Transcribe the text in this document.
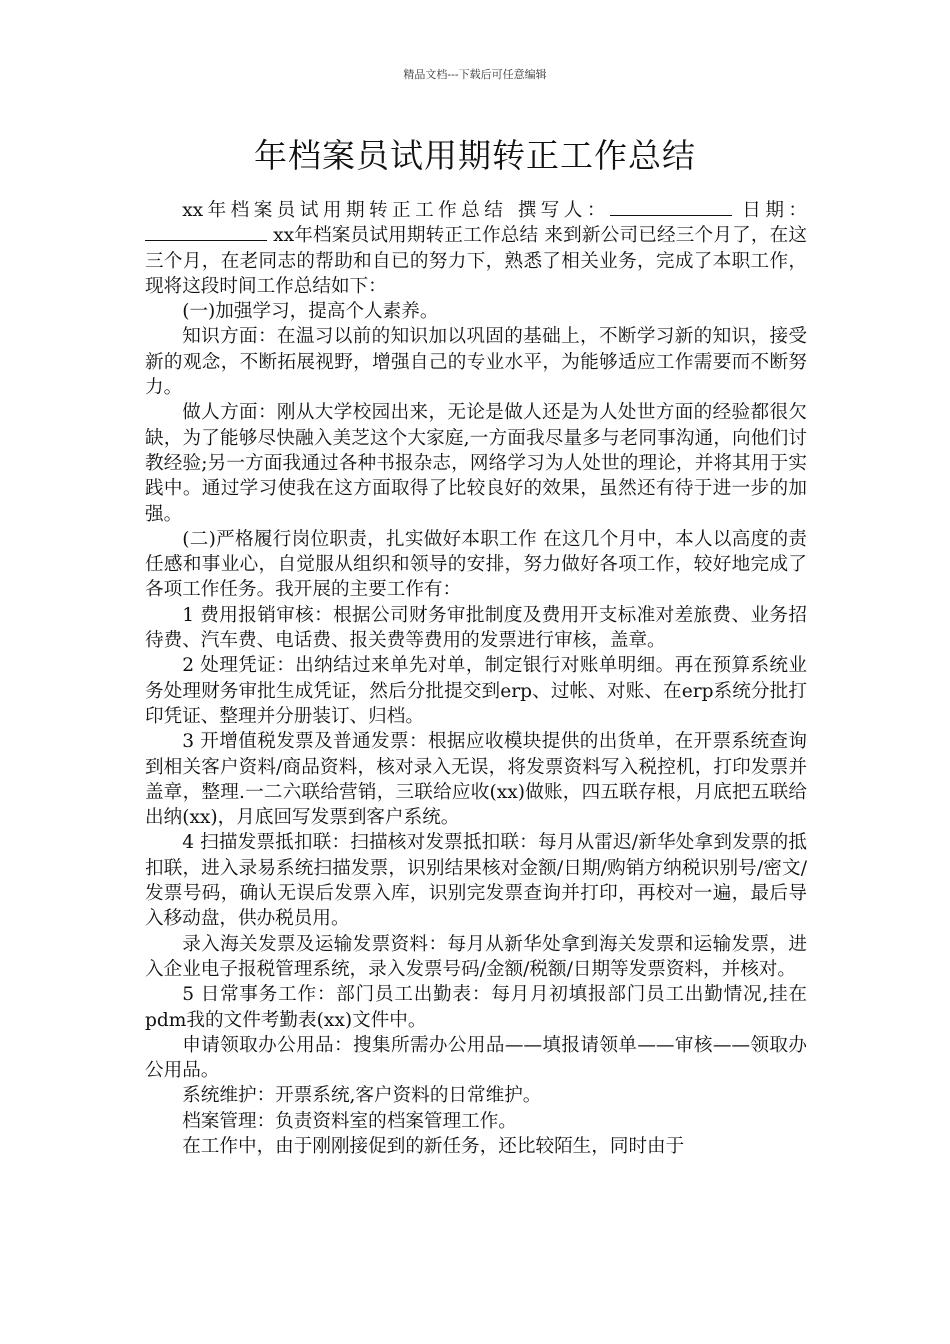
精品文档---下载后可任意编辑
年档案员试用期转正工作总结

xx年档案员试用期转正工作总结 撰写人：	日期： xx年档案员试用期转正工作总结 来到新公司已经三个月了，在这三个月，在老同志的帮助和自已的努力下，熟悉了相关业务，完成了本职工作，现将这段时间工作总结如下：

(一)加强学习，提高个人素养。

知识方面：在温习以前的知识加以巩固的基础上，不断学习新的知识，接受新的观念，不断拓展视野，增强自己的专业水平，为能够适应工作需要而不断努力。

做人方面：刚从大学校园出来，无论是做人还是为人处世方面的经验都很欠缺，为了能够尽快融入美芝这个大家庭,一方面我尽量多与老同事沟通，向他们讨教经验;另一方面我通过各种书报杂志，网络学习为人处世的理论，并将其用于实践中。通过学习使我在这方面取得了比较良好的效果，虽然还有待于进一步的加强。

(二)严格履行岗位职责，扎实做好本职工作 在这几个月中，本人以高度的责任感和事业心，自觉服从组织和领导的安排，努力做好各项工作，较好地完成了各项工作任务。我开展的主要工作有：

1 费用报销审核：根据公司财务审批制度及费用开支标准对差旅费、业务招待费、汽车费、电话费、报关费等费用的发票进行审核，盖章。

2 处理凭证：出纳结过来单先对单，制定银行对账单明细。再在预算系统业务处理财务审批生成凭证，然后分批提交到erp、过帐、对账、在erp系统分批打印凭证、整理并分册装订、归档。

3 开增值税发票及普通发票：根据应收模块提供的出货单，在开票系统查询到相关客户资料/商品资料，核对录入无误，将发票资料写入税控机，打印发票并盖章，整理.一二六联给营销，三联给应收(xx)做账，四五联存根，月底把五联给出纳(xx)，月底回写发票到客户系统。

4 扫描发票抵扣联：扫描核对发票抵扣联：每月从雷迟/新华处拿到发票的抵扣联，进入录易系统扫描发票，识别结果核对金额/日期/购销方纳税识别号/密文/发票号码，确认无误后发票入库，识别完发票查询并打印，再校对一遍，最后导入移动盘，供办税员用。

录入海关发票及运输发票资料：每月从新华处拿到海关发票和运输发票，进入企业电子报税管理系统，录入发票号码/金额/税额/日期等发票资料，并核对。

5 日常事务工作：部门员工出勤表：每月月初填报部门员工出勤情况,挂在pdm我的文件考勤表(xx)文件中。

申请领取办公用品：搜集所需办公用品——填报请领单——审核——领取办公用品。

系统维护：开票系统,客户资料的日常维护。

档案管理：负责资料室的档案管理工作。

在工作中，由于刚刚接促到的新任务，还比较陌生，同时由于
